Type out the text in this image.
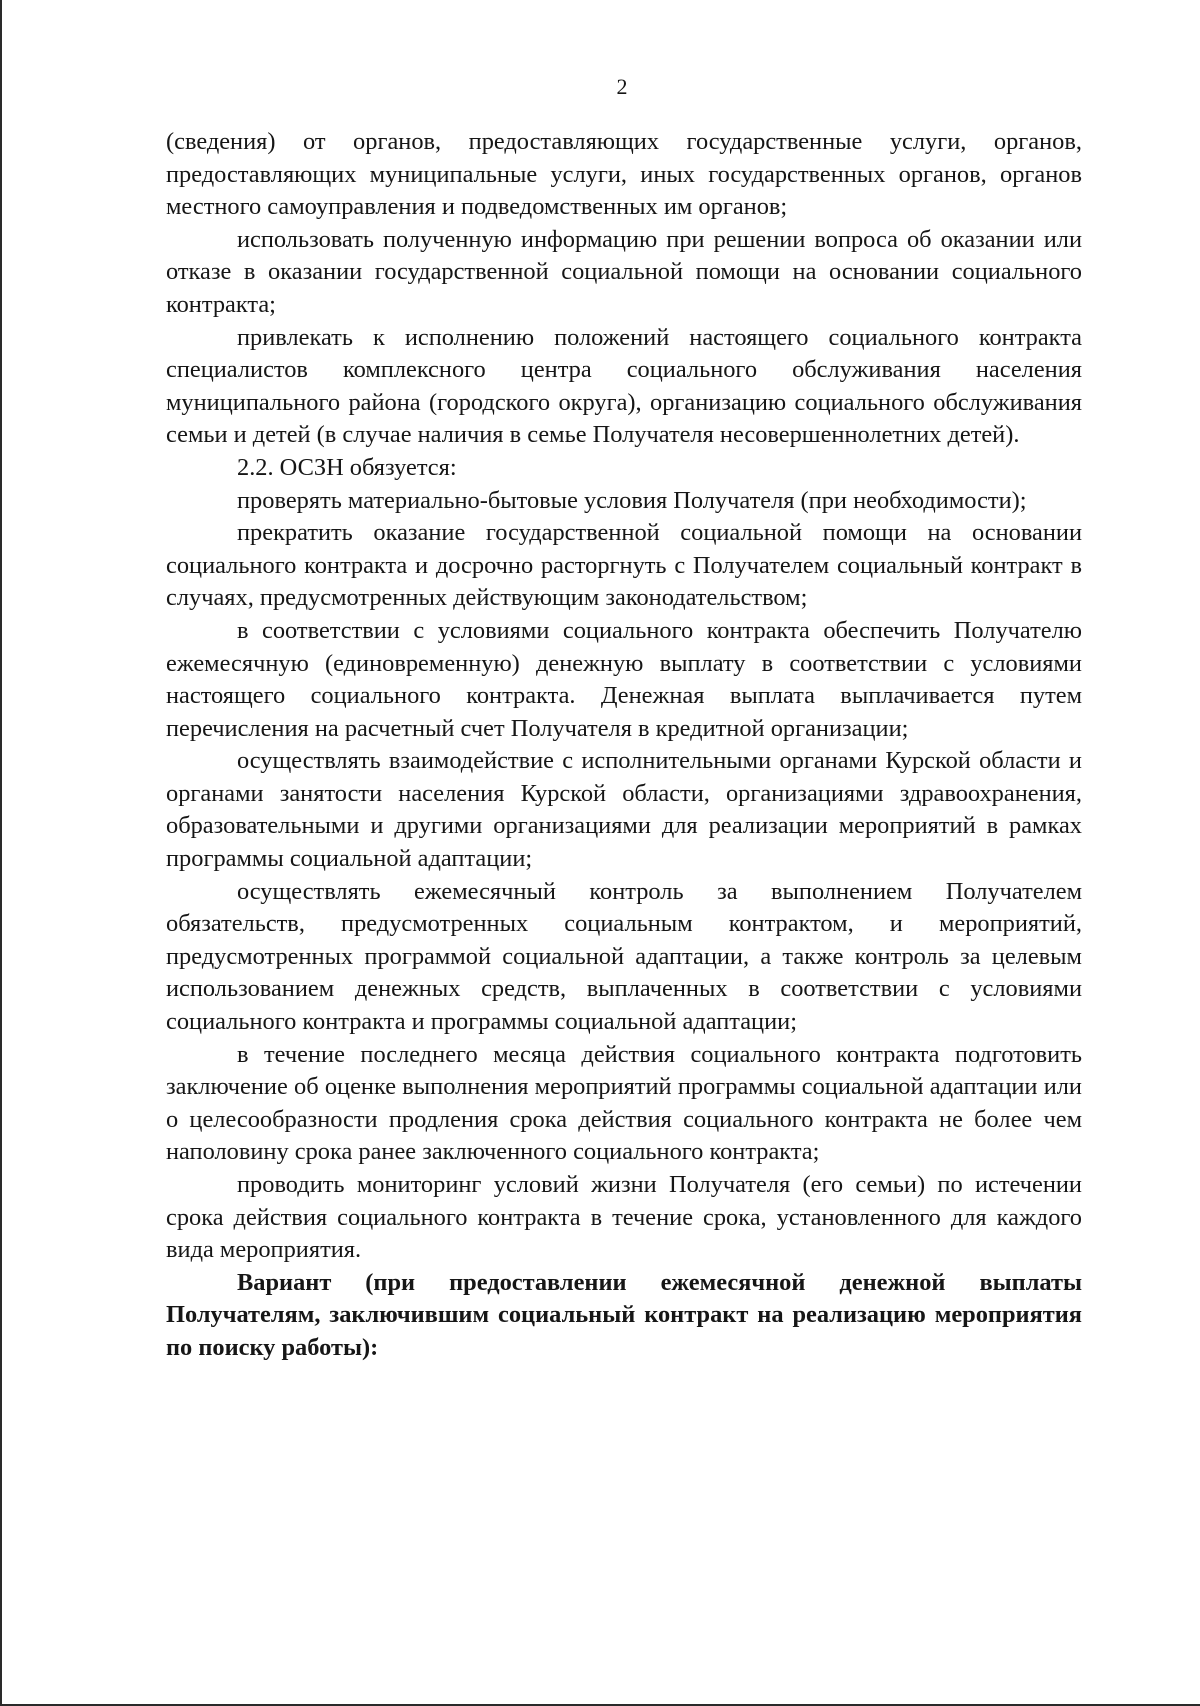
2

(сведения) от органов, предоставляющих государственные услуги, органов, предоставляющих муниципальные услуги, иных государственных органов, органов местного самоуправления и подведомственных им органов;

использовать полученную информацию при решении вопроса об оказании или отказе в оказании государственной социальной помощи на основании социального контракта;

привлекать к исполнению положений настоящего социального контракта специалистов комплексного центра социального обслуживания населения муниципального района (городского округа), организацию социального обслуживания семьи и детей (в случае наличия в семье Получателя несовершеннолетних детей).

2.2. ОСЗН обязуется:

проверять материально-бытовые условия Получателя (при необходимости);

прекратить оказание государственной социальной помощи на основании социального контракта и досрочно расторгнуть с Получателем социальный контракт в случаях, предусмотренных действующим законодательством;

в соответствии с условиями социального контракта обеспечить Получателю ежемесячную (единовременную) денежную выплату в соответствии с условиями настоящего социального контракта. Денежная выплата выплачивается путем перечисления на расчетный счет Получателя в кредитной организации;

осуществлять взаимодействие с исполнительными органами Курской области и органами занятости населения Курской области, организациями здравоохранения, образовательными и другими организациями для реализации мероприятий в рамках программы социальной адаптации;

осуществлять ежемесячный контроль за выполнением Получателем обязательств, предусмотренных социальным контрактом, и мероприятий, предусмотренных программой социальной адаптации, а также контроль за целевым использованием денежных средств, выплаченных в соответствии с условиями социального контракта и программы социальной адаптации;

в течение последнего месяца действия социального контракта подготовить заключение об оценке выполнения мероприятий программы социальной адаптации или о целесообразности продления срока действия социального контракта не более чем наполовину срока ранее заключенного социального контракта;

проводить мониторинг условий жизни Получателя (его семьи) по истечении срока действия социального контракта в течение срока, установленного для каждого вида мероприятия.

Вариант (при предоставлении ежемесячной денежной выплаты Получателям, заключившим социальный контракт на реализацию мероприятия по поиску работы):
